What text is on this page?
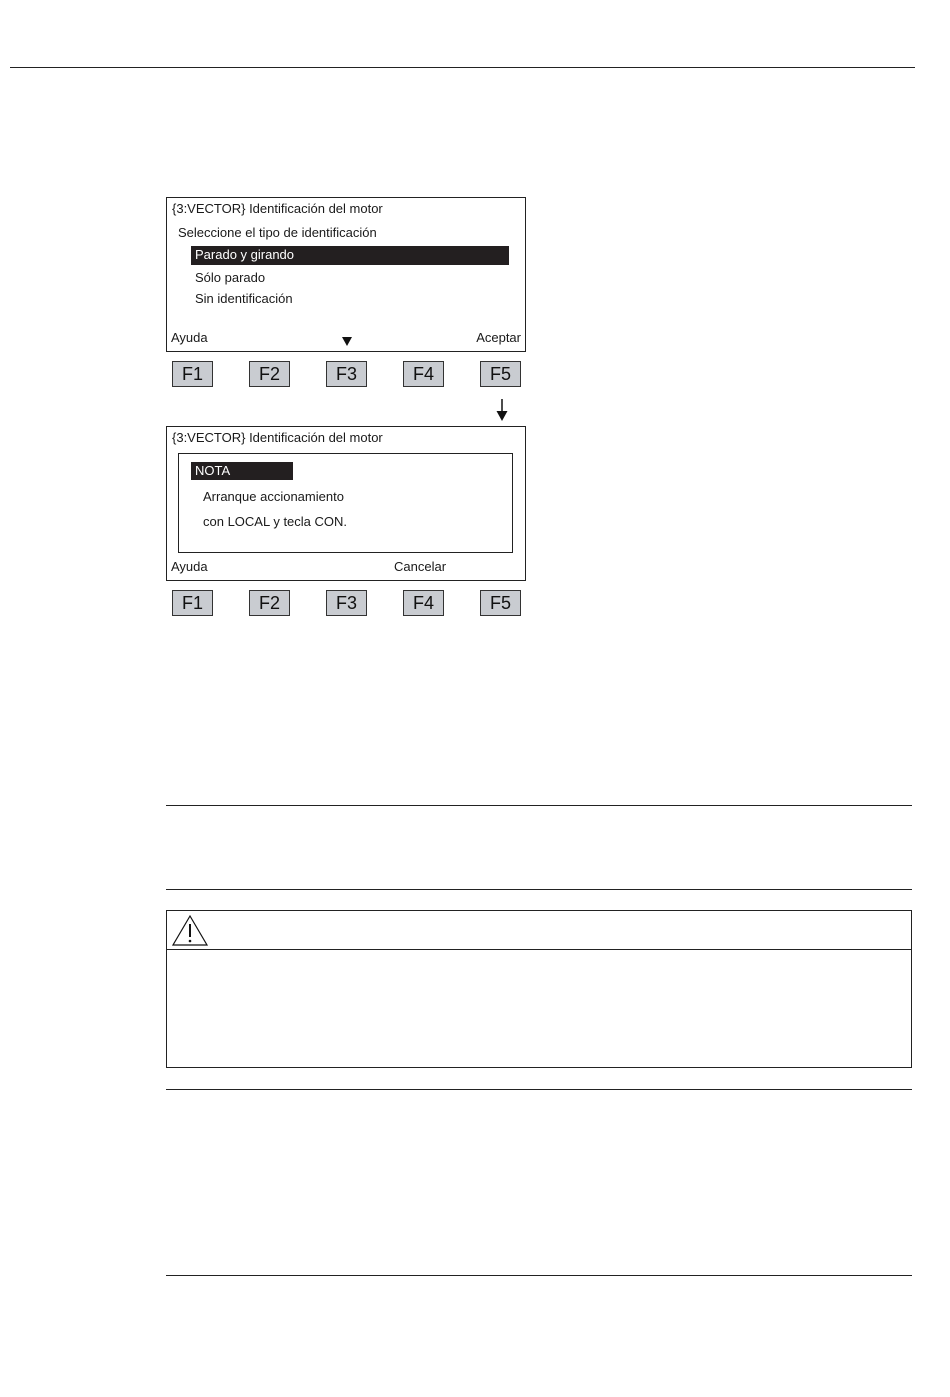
{3:VECTOR} Identificación del motor
Seleccione el tipo de identificación
Parado y girando
Sólo parado
Sin identificación
Ayuda	Aceptar
F1	F2	F3	F4	F5
{3:VECTOR} Identificación del motor
NOTA
Arranque accionamiento
con LOCAL y tecla CON.
Ayuda	Cancelar
F1	F2	F3	F4	F5
